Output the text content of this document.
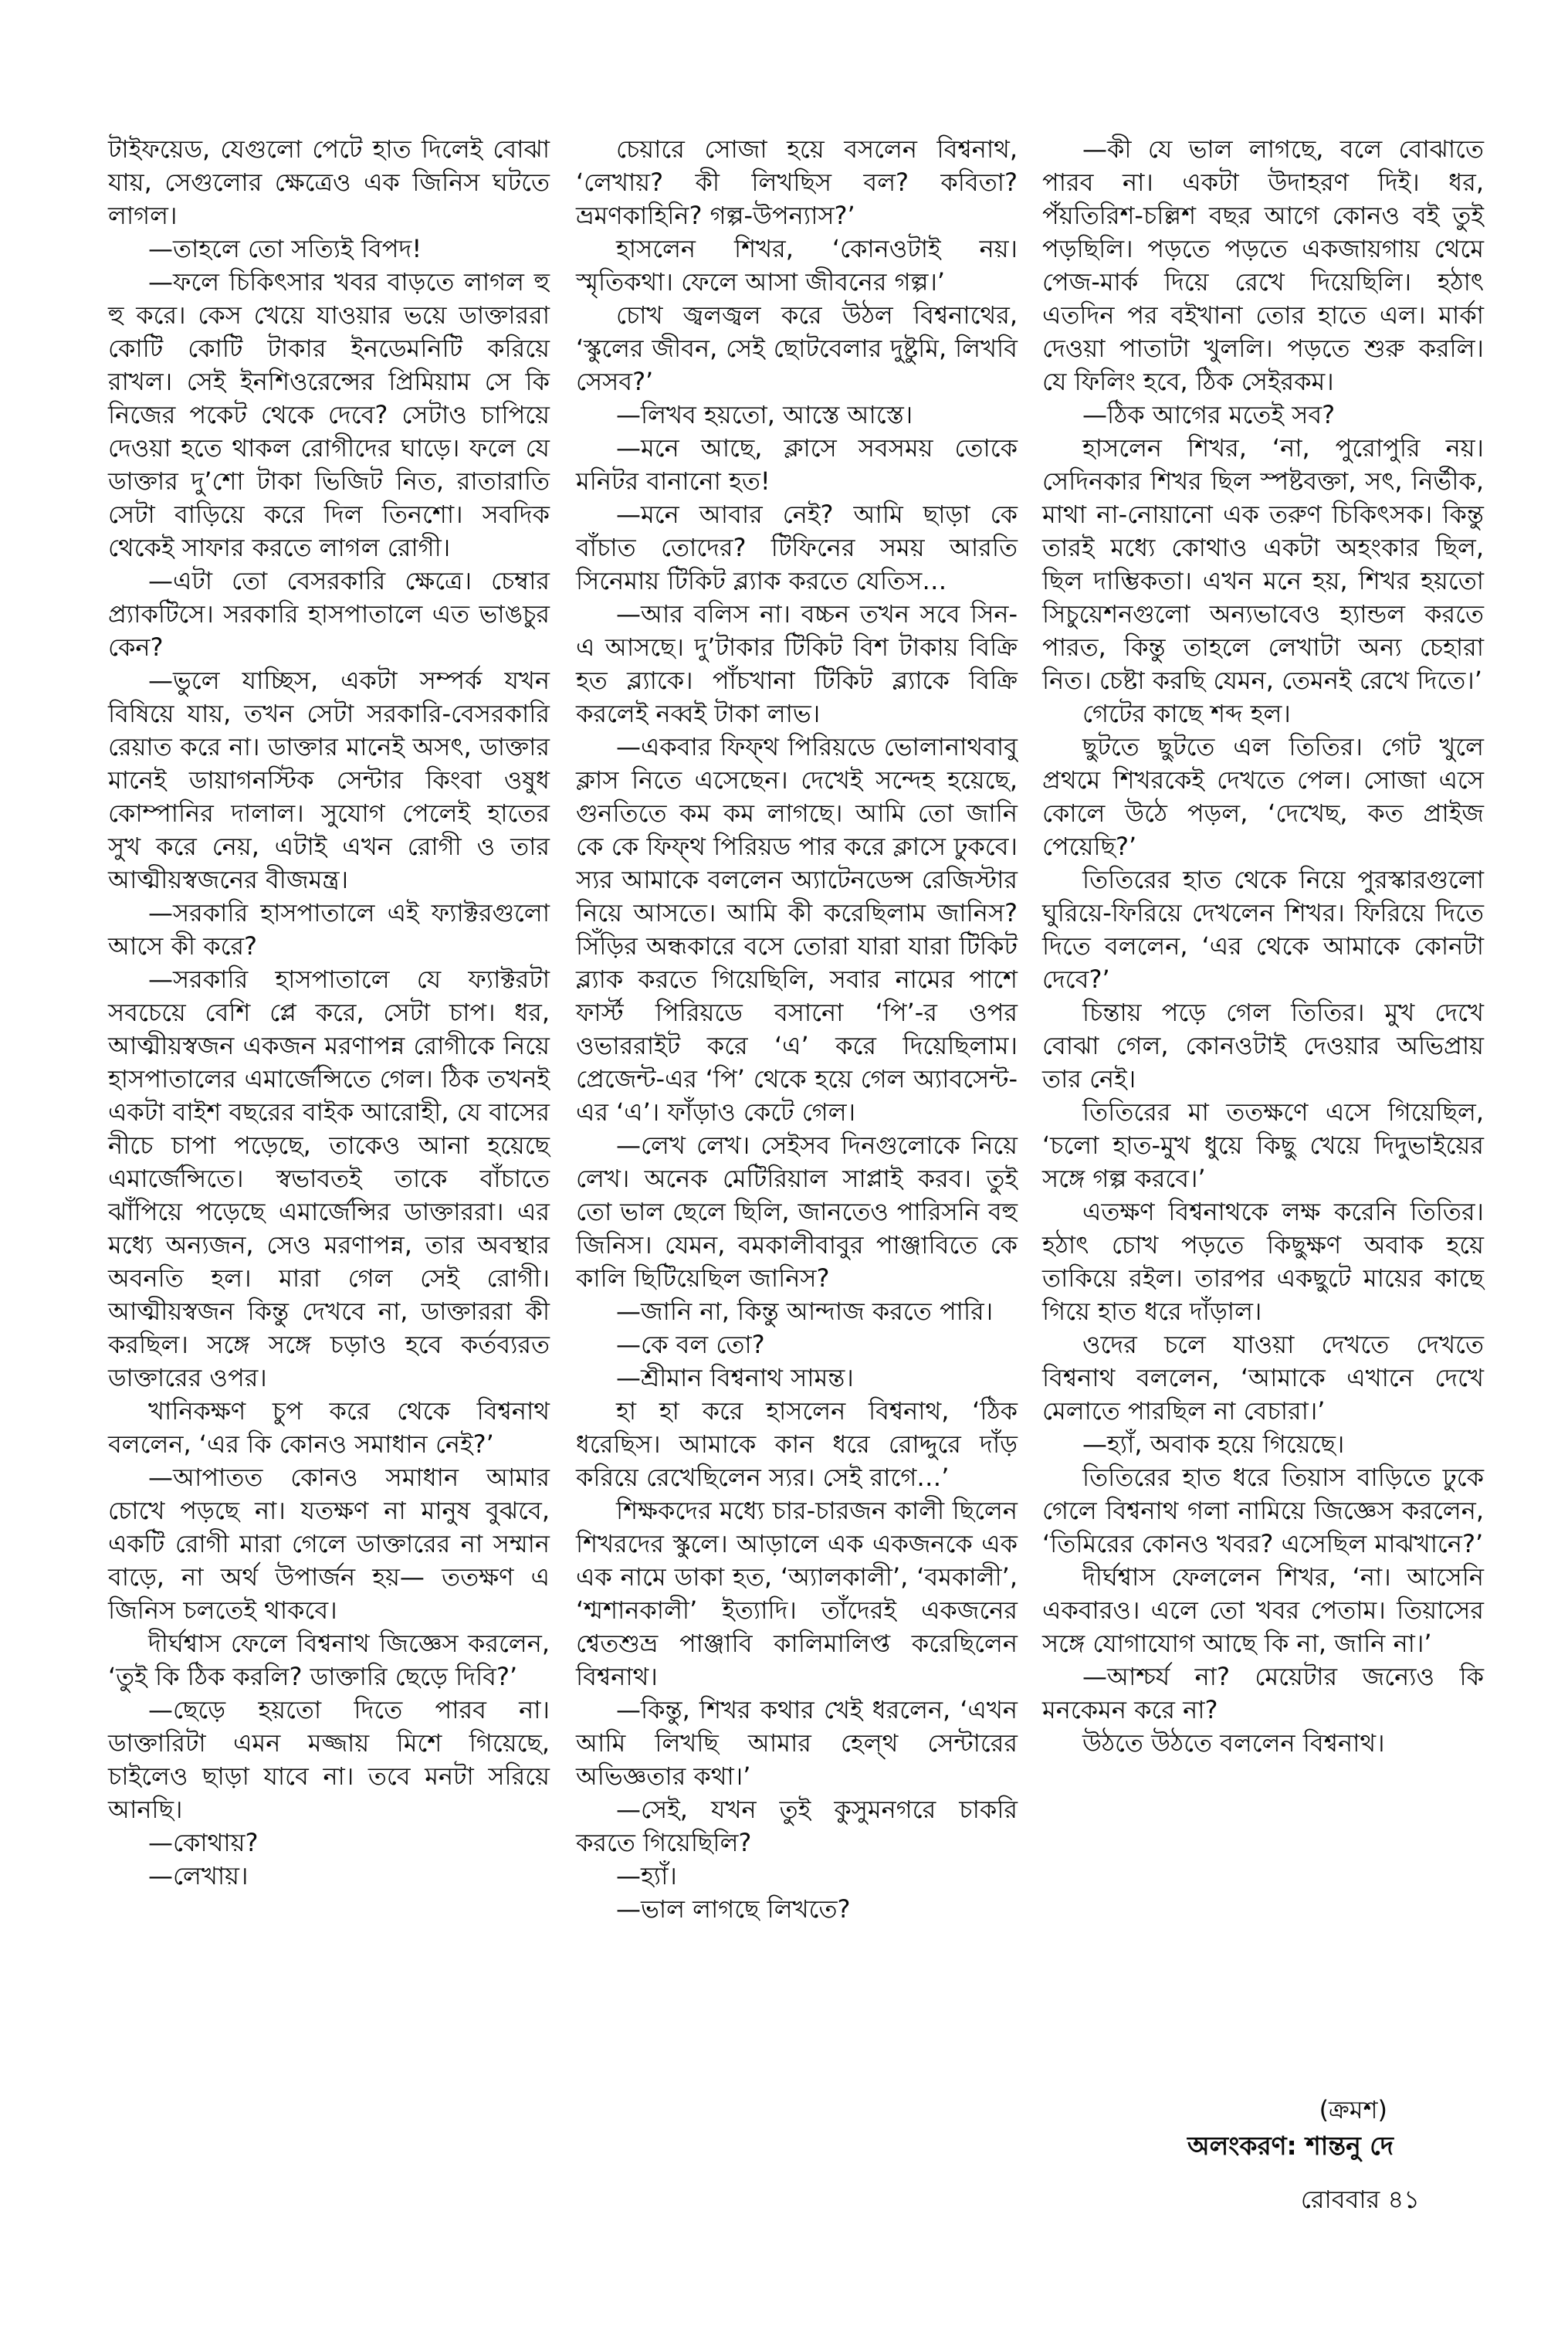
টাইফয়েড, যেগুলো পেটে হাত দিলেই বোঝা যায়, সেগুলোর ক্ষেত্রেও এক জিনিস ঘটতে লাগল।

—তাহলে তো সত্যিই বিপদ!

—ফলে চিকিৎসার খবর বাড়তে লাগল হু হু করে। কেস খেয়ে যাওয়ার ভয়ে ডাক্তাররা কোটি কোটি টাকার ইনডেমনিটি করিয়ে রাখল। সেই ইনশিওরেন্সের প্রিমিয়াম সে কি নিজের পকেট থেকে দেবে? সেটাও চাপিয়ে দেওয়া হতে থাকল রোগীদের ঘাড়ে। ফলে যে ডাক্তার দু’শো টাকা ভিজিট নিত, রাতারাতি সেটা বাড়িয়ে করে দিল তিনশো। সবদিক থেকেই সাফার করতে লাগল রোগী।

—এটা তো বেসরকারি ক্ষেত্রে। চেম্বার প্র্যাকটিসে। সরকারি হাসপাতালে এত ভাঙচুর কেন?

—ভুলে যাচ্ছিস, একটা সম্পর্ক যখন বিষিয়ে যায়, তখন সেটা সরকারি-বেসরকারি রেয়াত করে না। ডাক্তার মানেই অসৎ, ডাক্তার মানেই ডায়াগনস্টিক সেন্টার কিংবা ওষুধ কোম্পানির দালাল। সুযোগ পেলেই হাতের সুখ করে নেয়, এটাই এখন রোগী ও তার আত্মীয়স্বজনের বীজমন্ত্র।

—সরকারি হাসপাতালে এই ফ্যাক্টরগুলো আসে কী করে?

—সরকারি হাসপাতালে যে ফ্যাক্টরটা সবচেয়ে বেশি প্লে করে, সেটা চাপ। ধর, আত্মীয়স্বজন একজন মরণাপন্ন রোগীকে নিয়ে হাসপাতালের এমার্জেন্সিতে গেল। ঠিক তখনই একটা বাইশ বছরের বাইক আরোহী, যে বাসের নীচে চাপা পড়েছে, তাকেও আনা হয়েছে এমার্জেন্সিতে। স্বভাবতই তাকে বাঁচাতে ঝাঁপিয়ে পড়েছে এমার্জেন্সির ডাক্তাররা। এর মধ্যে অন্যজন, সেও মরণাপন্ন, তার অবস্থার অবনতি হল। মারা গেল সেই রোগী। আত্মীয়স্বজন কিন্তু দেখবে না, ডাক্তাররা কী করছিল। সঙ্গে সঙ্গে চড়াও হবে কর্তব্যরত ডাক্তারের ওপর।

খানিকক্ষণ চুপ করে থেকে বিশ্বনাথ বললেন, ‘এর কি কোনও সমাধান নেই?’

—আপাতত কোনও সমাধান আমার চোখে পড়ছে না। যতক্ষণ না মানুষ বুঝবে, একটি রোগী মারা গেলে ডাক্তারের না সম্মান বাড়ে, না অর্থ উপার্জন হয়— ততক্ষণ এ জিনিস চলতেই থাকবে।

দীর্ঘশ্বাস ফেলে বিশ্বনাথ জিজ্ঞেস করলেন, ‘তুই কি ঠিক করলি? ডাক্তারি ছেড়ে দিবি?’

—ছেড়ে হয়তো দিতে পারব না। ডাক্তারিটা এমন মজ্জায় মিশে গিয়েছে, চাইলেও ছাড়া যাবে না। তবে মনটা সরিয়ে আনছি।

—কোথায়?

—লেখায়।

চেয়ারে সোজা হয়ে বসলেন বিশ্বনাথ, ‘লেখায়? কী লিখছিস বল? কবিতা? ভ্রমণকাহিনি? গল্প-উপন্যাস?’

হাসলেন শিখর, ‘কোনওটাই নয়। স্মৃতিকথা। ফেলে আসা জীবনের গল্প।’

চোখ জ্বলজ্বল করে উঠল বিশ্বনাথের, ‘স্কুলের জীবন, সেই ছোটবেলার দুষ্টুমি, লিখবি সেসব?’

—লিখব হয়তো, আস্তে আস্তে।

—মনে আছে, ক্লাসে সবসময় তোকে মনিটর বানানো হত!

—মনে আবার নেই? আমি ছাড়া কে বাঁচাত তোদের? টিফিনের সময় আরতি সিনেমায় টিকিট ব্ল্যাক করতে যেতিস…

—আর বলিস না। বচ্চন তখন সবে সিন-এ আসছে। দু’টাকার টিকিট বিশ টাকায় বিক্রি হত ব্ল্যাকে। পাঁচখানা টিকিট ব্ল্যাকে বিক্রি করলেই নব্বই টাকা লাভ।

—একবার ফিফ্‌থ পিরিয়ডে ভোলানাথবাবু ক্লাস নিতে এসেছেন। দেখেই সন্দেহ হয়েছে, গুনতিতে কম কম লাগছে। আমি তো জানি কে কে ফিফ্‌থ পিরিয়ড পার করে ক্লাসে ঢুকবে। স্যর আমাকে বললেন অ্যাটেনডেন্স রেজিস্টার নিয়ে আসতে। আমি কী করেছিলাম জানিস? সিঁড়ির অন্ধকারে বসে তোরা যারা যারা টিকিট ব্ল্যাক করতে গিয়েছিলি, সবার নামের পাশে ফার্স্ট পিরিয়ডে বসানো ‘পি’-র ওপর ওভাররাইট করে ‘এ’ করে দিয়েছিলাম। প্রেজেন্ট-এর ‘পি’ থেকে হয়ে গেল অ্যাবসেন্ট-এর ‘এ’। ফাঁড়াও কেটে গেল।

—লেখ লেখ। সেইসব দিনগুলোকে নিয়ে লেখ। অনেক মেটিরিয়াল সাপ্লাই করব। তুই তো ভাল ছেলে ছিলি, জানতেও পারিসনি বহু জিনিস। যেমন, বমকালীবাবুর পাঞ্জাবিতে কে কালি ছিটিয়েছিল জানিস?

—জানি না, কিন্তু আন্দাজ করতে পারি।

—কে বল তো?

—শ্রীমান বিশ্বনাথ সামন্ত।

হা হা করে হাসলেন বিশ্বনাথ, ‘ঠিক ধরেছিস। আমাকে কান ধরে রোদ্দুরে দাঁড় করিয়ে রেখেছিলেন স্যর। সেই রাগে…’

শিক্ষকদের মধ্যে চার-চারজন কালী ছিলেন শিখরদের স্কুলে। আড়ালে এক একজনকে এক এক নামে ডাকা হত, ‘অ্যালকালী’, ‘বমকালী’, ‘শ্মশানকালী’ ইত্যাদি। তাঁদেরই একজনের শ্বেতশুভ্র পাঞ্জাবি কালিমালিপ্ত করেছিলেন বিশ্বনাথ।

—কিন্তু, শিখর কথার খেই ধরলেন, ‘এখন আমি লিখছি আমার হেল্‌থ সেন্টারের অভিজ্ঞতার কথা।’

—সেই, যখন তুই কুসুমনগরে চাকরি করতে গিয়েছিলি?

—হ্যাঁ।

—ভাল লাগছে লিখতে?

—কী যে ভাল লাগছে, বলে বোঝাতে পারব না। একটা উদাহরণ দিই। ধর, পঁয়তিরিশ-চল্লিশ বছর আগে কোনও বই তুই পড়ছিলি। পড়তে পড়তে একজায়গায় থেমে পেজ-মার্ক দিয়ে রেখে দিয়েছিলি। হঠাৎ এতদিন পর বইখানা তোর হাতে এল। মার্কা দেওয়া পাতাটা খুললি। পড়তে শুরু করলি। যে ফিলিং হবে, ঠিক সেইরকম।

—ঠিক আগের মতেই সব?

হাসলেন শিখর, ‘না, পুরোপুরি নয়। সেদিনকার শিখর ছিল স্পষ্টবক্তা, সৎ, নির্ভীক, মাথা না-নোয়ানো এক তরুণ চিকিৎসক। কিন্তু তারই মধ্যে কোথাও একটা অহংকার ছিল, ছিল দাম্ভিকতা। এখন মনে হয়, শিখর হয়তো সিচুয়েশনগুলো অন্যভাবেও হ্যান্ডল করতে পারত, কিন্তু তাহলে লেখাটা অন্য চেহারা নিত। চেষ্টা করছি যেমন, তেমনই রেখে দিতে।’

গেটের কাছে শব্দ হল।

ছুটতে ছুটতে এল তিতির। গেট খুলে প্রথমে শিখরকেই দেখতে পেল। সোজা এসে কোলে উঠে পড়ল, ‘দেখেছ, কত প্রাইজ পেয়েছি?’

তিতিরের হাত থেকে নিয়ে পুরস্কারগুলো ঘুরিয়ে-ফিরিয়ে দেখলেন শিখর। ফিরিয়ে দিতে দিতে বললেন, ‘এর থেকে আমাকে কোনটা দেবে?’

চিন্তায় পড়ে গেল তিতির। মুখ দেখে বোঝা গেল, কোনওটাই দেওয়ার অভিপ্রায় তার নেই।

তিতিরের মা ততক্ষণে এসে গিয়েছিল, ‘চলো হাত-মুখ ধুয়ে কিছু খেয়ে দিদুভাইয়ের সঙ্গে গল্প করবে।’

এতক্ষণ বিশ্বনাথকে লক্ষ করেনি তিতির। হঠাৎ চোখ পড়তে কিছুক্ষণ অবাক হয়ে তাকিয়ে রইল। তারপর একছুটে মায়ের কাছে গিয়ে হাত ধরে দাঁড়াল।

ওদের চলে যাওয়া দেখতে দেখতে বিশ্বনাথ বললেন, ‘আমাকে এখানে দেখে মেলাতে পারছিল না বেচারা।’

—হ্যাঁ, অবাক হয়ে গিয়েছে।

তিতিরের হাত ধরে তিয়াস বাড়িতে ঢুকে গেলে বিশ্বনাথ গলা নামিয়ে জিজ্ঞেস করলেন, ‘তিমিরের কোনও খবর? এসেছিল মাঝখানে?’

দীর্ঘশ্বাস ফেললেন শিখর, ‘না। আসেনি একবারও। এলে তো খবর পেতাম। তিয়াসের সঙ্গে যোগাযোগ আছে কি না, জানি না।’

—আশ্চর্য না? মেয়েটার জন্যেও কি মনকেমন করে না?

উঠতে উঠতে বললেন বিশ্বনাথ।

(ক্রমশ)
অলংকরণ: শান্তনু দে
রোববার ৪১
